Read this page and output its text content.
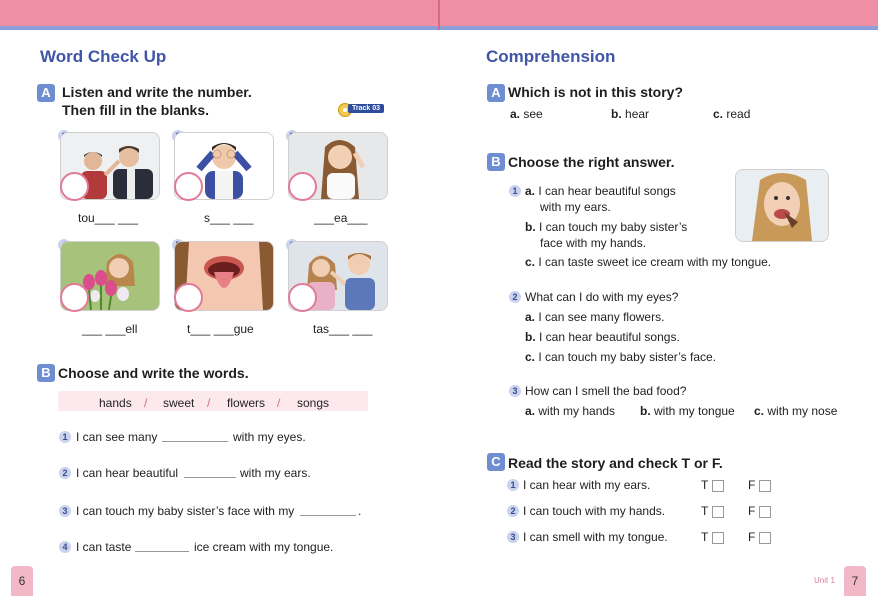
Word Check Up
A Listen and write the number.
Then fill in the blanks.	Track 03
tou___ ___	s___ ___	___ea___
___ ___ell	t___ ___gue	tas___ ___
B Choose and write the words.
hands / sweet / flowers / songs
1 I can see many	with my eyes.
2 I can hear beautiful	with my ears.
3 I can touch my baby sister’s face with my	.
4 I can taste	ice cream with my tongue.
6
Comprehension
A Which is not in this story?
a. see	b. hear	c. read
B Choose the right answer.
1 a. I can hear beautiful songs
with my ears.
b. I can touch my baby sister’s
face with my hands.
c. I can taste sweet ice cream with my tongue.
2 What can I do with my eyes?
a. I can see many flowers.
b. I can hear beautiful songs.
c. I can touch my baby sister’s face.
3 How can I smell the bad food?
a. with my hands b. with my tongue c. with my nose
C Read the story and check T or F.
1 I can hear with my ears.	T	F
2 I can touch with my hands.	T	F
3 I can smell with my tongue.	T	F
Unit 1	7
